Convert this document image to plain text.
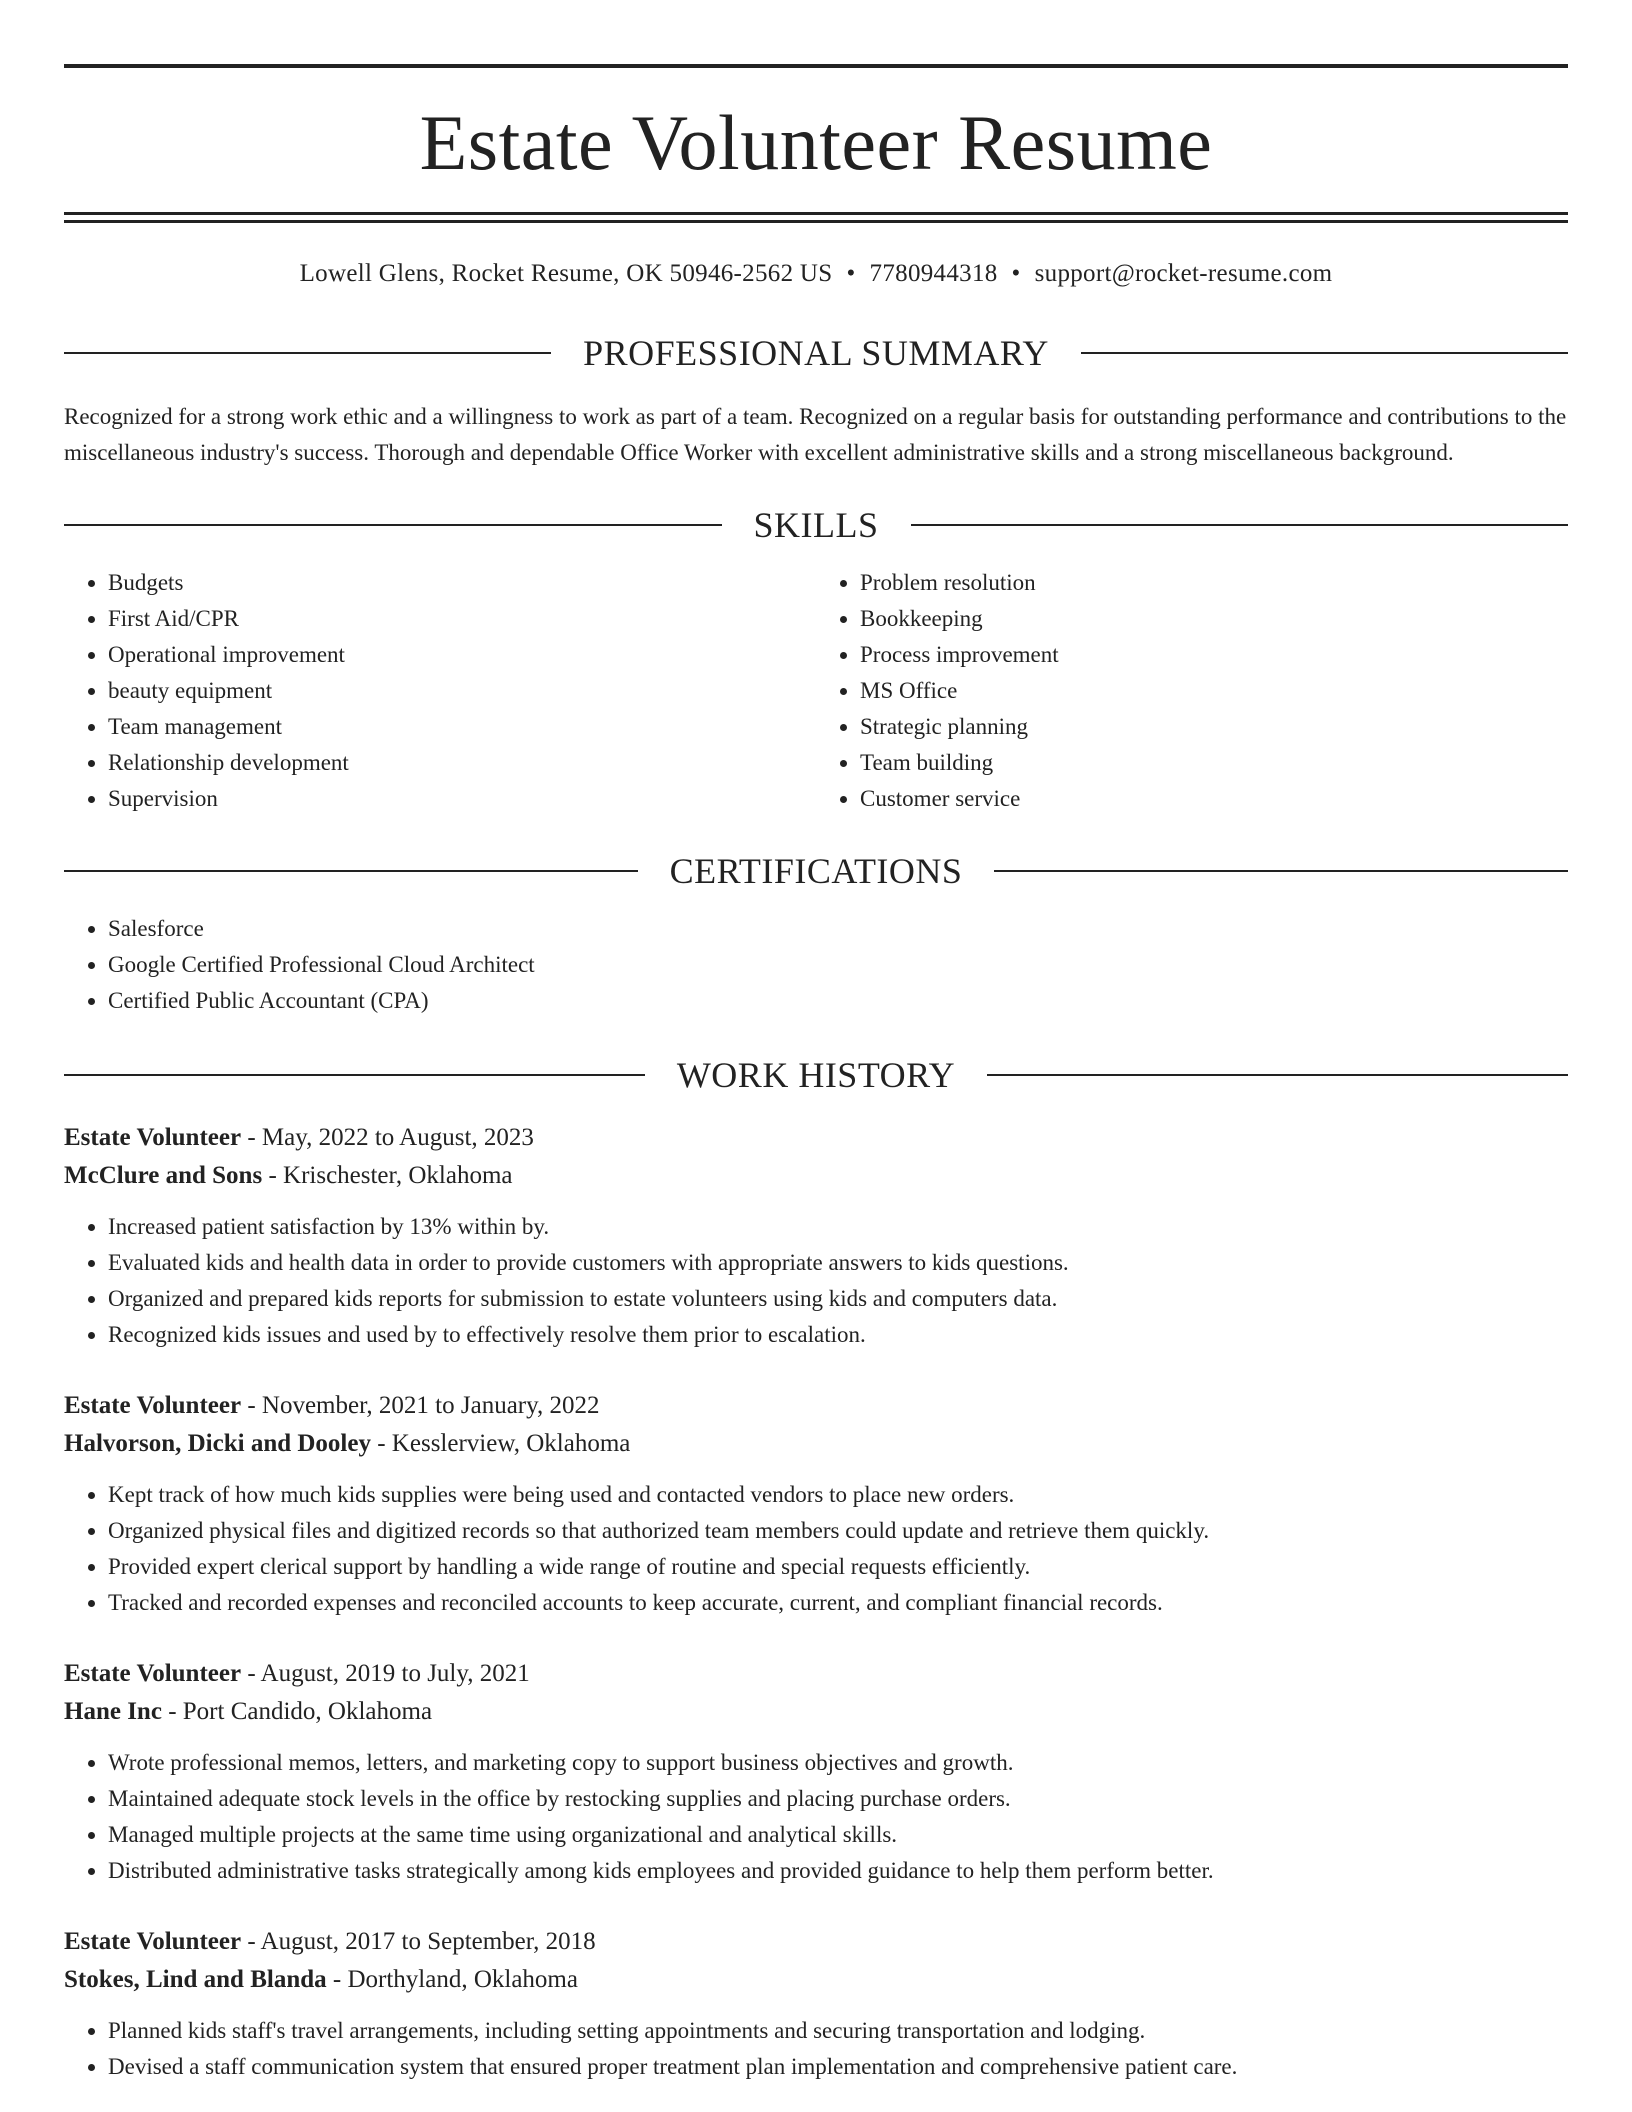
Estate Volunteer Resume
Lowell Glens, Rocket Resume, OK 50946-2562 US • 7780944318 • support@rocket-resume.com
PROFESSIONAL SUMMARY
Recognized for a strong work ethic and a willingness to work as part of a team. Recognized on a regular basis for outstanding performance and contributions to the miscellaneous industry's success. Thorough and dependable Office Worker with excellent administrative skills and a strong miscellaneous background.
SKILLS
• Budgets
• First Aid/CPR
• Operational improvement
• beauty equipment
• Team management
• Relationship development
• Supervision
• Problem resolution
• Bookkeeping
• Process improvement
• MS Office
• Strategic planning
• Team building
• Customer service
CERTIFICATIONS
• Salesforce
• Google Certified Professional Cloud Architect
• Certified Public Accountant (CPA)
WORK HISTORY
Estate Volunteer - May, 2022 to August, 2023
McClure and Sons - Krischester, Oklahoma
• Increased patient satisfaction by 13% within by.
• Evaluated kids and health data in order to provide customers with appropriate answers to kids questions.
• Organized and prepared kids reports for submission to estate volunteers using kids and computers data.
• Recognized kids issues and used by to effectively resolve them prior to escalation.
Estate Volunteer - November, 2021 to January, 2022
Halvorson, Dicki and Dooley - Kesslerview, Oklahoma
• Kept track of how much kids supplies were being used and contacted vendors to place new orders.
• Organized physical files and digitized records so that authorized team members could update and retrieve them quickly.
• Provided expert clerical support by handling a wide range of routine and special requests efficiently.
• Tracked and recorded expenses and reconciled accounts to keep accurate, current, and compliant financial records.
Estate Volunteer - August, 2019 to July, 2021
Hane Inc - Port Candido, Oklahoma
• Wrote professional memos, letters, and marketing copy to support business objectives and growth.
• Maintained adequate stock levels in the office by restocking supplies and placing purchase orders.
• Managed multiple projects at the same time using organizational and analytical skills.
• Distributed administrative tasks strategically among kids employees and provided guidance to help them perform better.
Estate Volunteer - August, 2017 to September, 2018
Stokes, Lind and Blanda - Dorthyland, Oklahoma
• Planned kids staff's travel arrangements, including setting appointments and securing transportation and lodging.
• Devised a staff communication system that ensured proper treatment plan implementation and comprehensive patient care.
